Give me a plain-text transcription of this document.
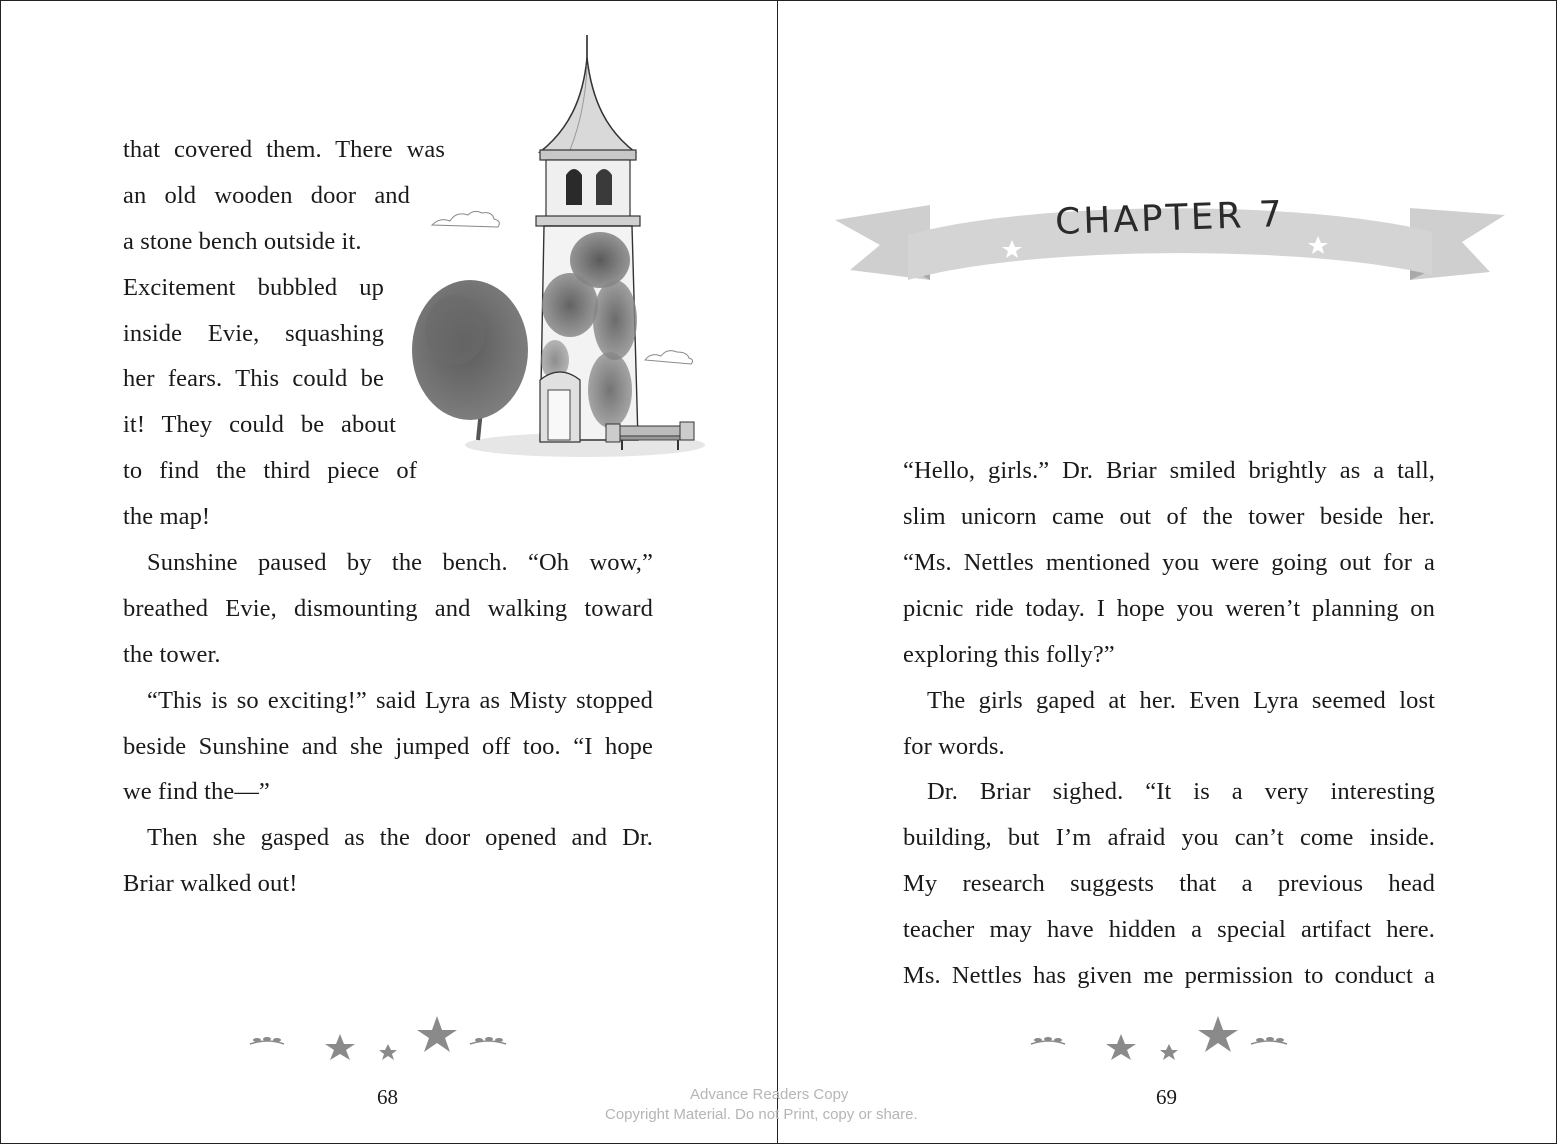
that covered them. There was
an old wooden door and
a stone bench outside it.
Excitement bubbled up
inside Evie, squashing
her fears. This could be
it! They could be about
to find the third piece of
the map!
Sunshine paused by the bench. “Oh wow,”
breathed Evie, dismounting and walking toward
the tower.
“This is so exciting!” said Lyra as Misty stopped
beside Sunshine and she jumped off too. “I hope
we find the—”
Then she gasped as the door opened and Dr.
Briar walked out!
68
CHAPTER 7
“Hello, girls.” Dr. Briar smiled brightly as a tall,
slim unicorn came out of the tower beside her.
“Ms. Nettles mentioned you were going out for a
picnic ride today. I hope you weren’t planning on
exploring this folly?”
The girls gaped at her. Even Lyra seemed lost
for words.
Dr. Briar sighed. “It is a very interesting
building, but I’m afraid you can’t come inside.
My research suggests that a previous head
teacher may have hidden a special artifact here.
Ms. Nettles has given me permission to conduct a
69
Advance Readers Copy
Copyright Material. Do not Print, copy or share.
